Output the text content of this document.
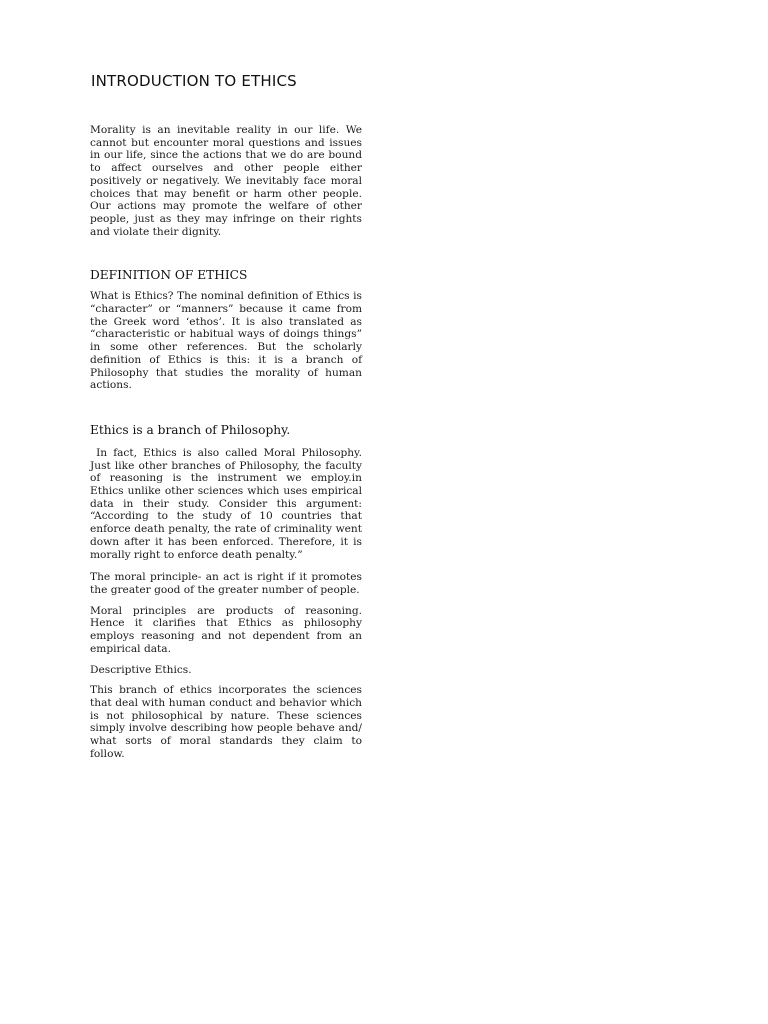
INTRODUCTION TO ETHICS

Morality is an inevitable reality in our life. We cannot but encounter moral questions and issues in our life, since the actions that we do are bound to affect ourselves and other people either positively or negatively. We inevitably face moral choices that may benefit or harm other people. Our actions may promote the welfare of other people, just as they may infringe on their rights and violate their dignity.

DEFINITION OF ETHICS

What is Ethics? The nominal definition of Ethics is “character” or “manners” because it came from the Greek word ‘ethos’. It is also translated as “characteristic or habitual ways of doings things” in some other references. But the scholarly definition of Ethics is this: it is a branch of Philosophy that studies the morality of human actions.

Ethics is a branch of Philosophy.

In fact, Ethics is also called Moral Philosophy. Just like other branches of Philosophy, the faculty of reasoning is the instrument we employ.in Ethics unlike other sciences which uses empirical data in their study. Consider this argument: “According to the study of 10 countries that enforce death penalty, the rate of criminality went down after it has been enforced. Therefore, it is morally right to enforce death penalty.”

The moral principle- an act is right if it promotes the greater good of the greater number of people.

Moral principles are products of reasoning. Hence it clarifies that Ethics as philosophy employs reasoning and not dependent from an empirical data.

Descriptive Ethics.

This branch of ethics incorporates the sciences that deal with human conduct and behavior which is not philosophical by nature. These sciences simply involve describing how people behave and/ what sorts of moral standards they claim to follow.
